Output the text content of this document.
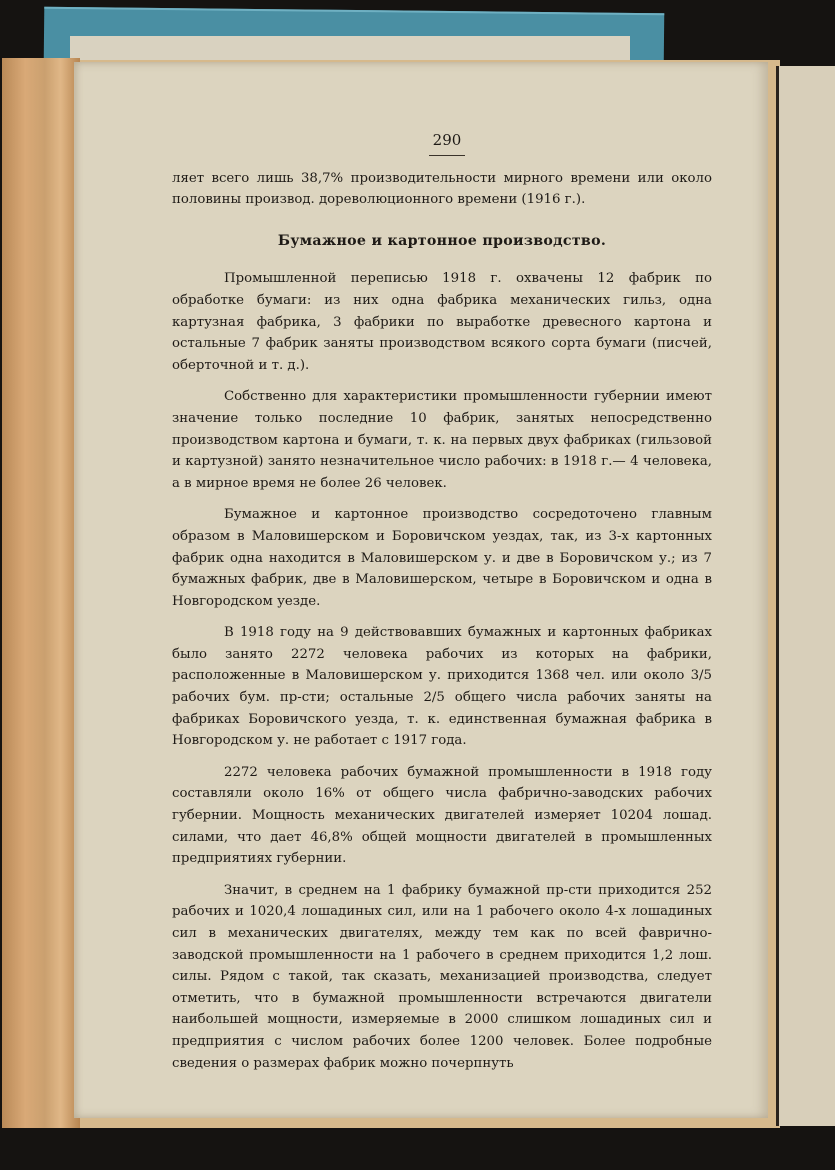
290

ляет всего лишь 38,7% производительности мирного времени или около половины производ. дореволюционного времени (1916 г.).

Бумажное и картонное производство.

Промышленной переписью 1918 г. охвачены 12 фабрик по обработке бумаги: из них одна фабрика механических гильз, одна картузная фабрика, 3 фабрики по выработке древесного картона и остальные 7 фабрик заняты производством всякого сорта бумаги (писчей, оберточной и т. д.).

Собственно для характеристики промышленности губернии имеют значение только последние 10 фабрик, занятых непосредственно производством картона и бумаги, т. к. на первых двух фабриках (гильзовой и картузной) занято незначительное число рабочих: в 1918 г.— 4 человека, а в мирное время не более 26 человек.

Бумажное и картонное производство сосредоточено главным образом в Маловишерском и Боровичском уездах, так, из 3-х картонных фабрик одна находится в Маловишерском у. и две в Боровичском у.; из 7 бумажных фабрик, две в Маловишерском, четыре в Боровичском и одна в Новгородском уезде.

В 1918 году на 9 действовавших бумажных и картонных фабриках было занято 2272 человека рабочих из которых на фабрики, расположенные в Маловишерском у. приходится 1368 чел. или около 3/5 рабочих бум. пр-сти; остальные 2/5 общего числа рабочих заняты на фабриках Боровичского уезда, т. к. единственная бумажная фабрика в Новгородском у. не работает с 1917 года.

2272 человека рабочих бумажной промышленности в 1918 году составляли около 16% от общего числа фабрично-заводских рабочих губернии. Мощность механических двигателей измеряет 10204 лошад. силами, что дает 46,8% общей мощности двигателей в промышленных предприятиях губернии.

Значит, в среднем на 1 фабрику бумажной пр-сти приходится 252 рабочих и 1020,4 лошадиных сил, или на 1 рабочего около 4-х лошадиных сил в механических двигателях, между тем как по всей фаврично-заводской промышленности на 1 рабочего в среднем приходится 1,2 лош. силы. Рядом с такой, так сказать, механизацией производства, следует отметить, что в бумажной промышленности встречаются двигатели наибольшей мощности, измеряемые в 2000 слишком лошадиных сил и предприятия с числом рабочих более 1200 человек. Более подробные сведения о размерах фабрик можно почерпнуть
